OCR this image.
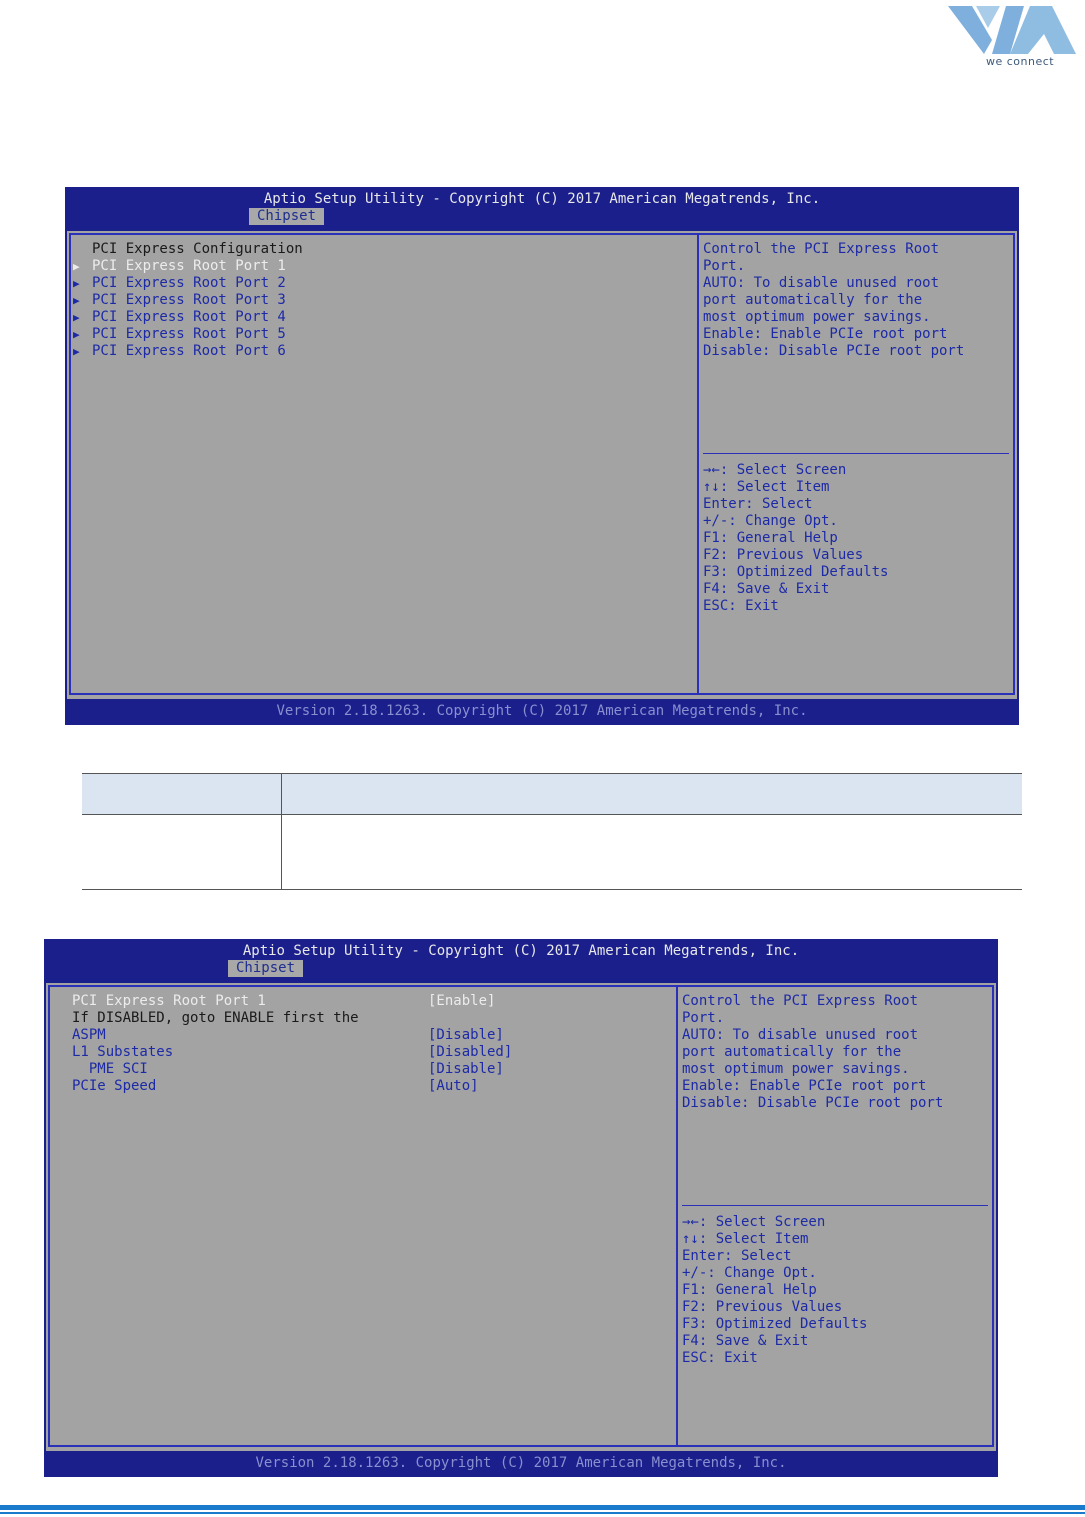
we connect
Aptio Setup Utility - Copyright (C) 2017 American Megatrends, Inc.
Chipset
PCI Express Configuration
▶ PCI Express Root Port 1
▶ PCI Express Root Port 2
▶ PCI Express Root Port 3
▶ PCI Express Root Port 4
▶ PCI Express Root Port 5
▶ PCI Express Root Port 6
Control the PCI Express Root
Port.
AUTO: To disable unused root
port automatically for the
most optimum power savings.
Enable: Enable PCIe root port
Disable: Disable PCIe root port
→←: Select Screen
↑↓: Select Item
Enter: Select
+/-: Change Opt.
F1: General Help
F2: Previous Values
F3: Optimized Defaults
F4: Save & Exit
ESC: Exit
Version 2.18.1263. Copyright (C) 2017 American Megatrends, Inc.
Aptio Setup Utility - Copyright (C) 2017 American Megatrends, Inc.
Chipset
PCI Express Root Port 1	[Enable]
If DISABLED, goto ENABLE first the
ASPM	[Disable]
L1 Substates	[Disabled]
PME SCI	[Disable]
PCIe Speed	[Auto]
Control the PCI Express Root
Port.
AUTO: To disable unused root
port automatically for the
most optimum power savings.
Enable: Enable PCIe root port
Disable: Disable PCIe root port
→←: Select Screen
↑↓: Select Item
Enter: Select
+/-: Change Opt.
F1: General Help
F2: Previous Values
F3: Optimized Defaults
F4: Save & Exit
ESC: Exit
Version 2.18.1263. Copyright (C) 2017 American Megatrends, Inc.
